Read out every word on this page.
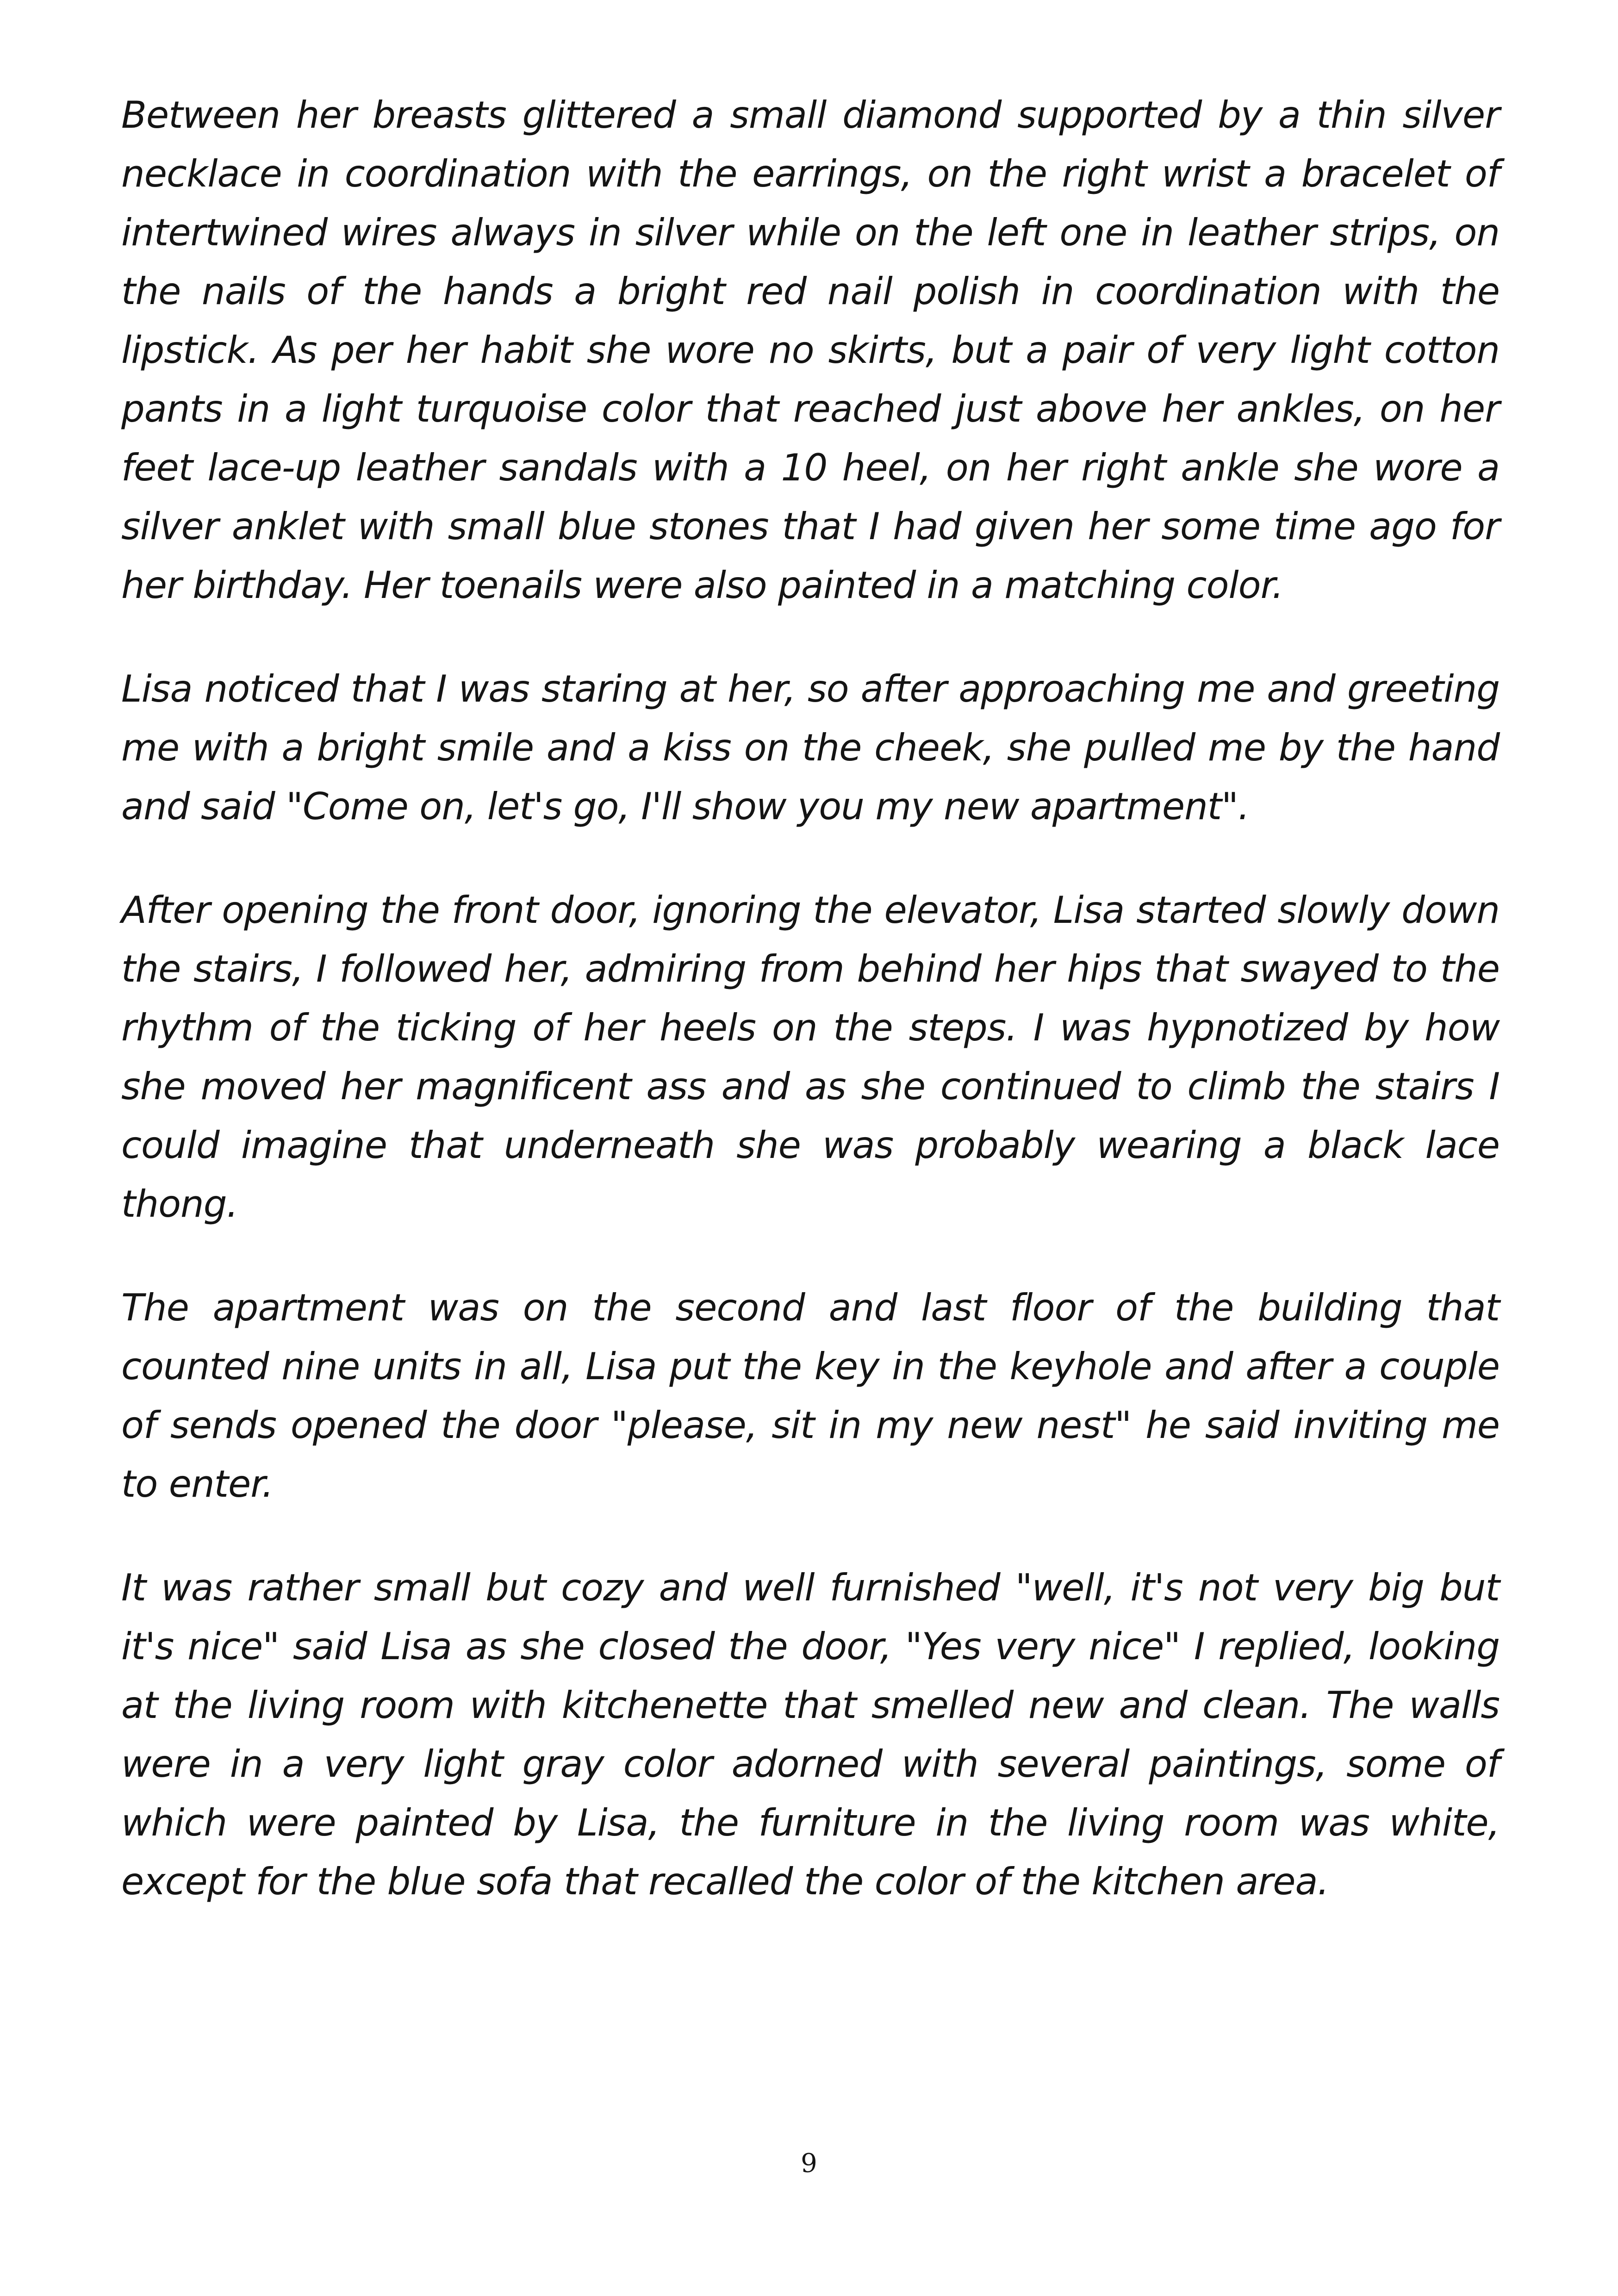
Between her breasts glittered a small diamond supported by a thin silver necklace in coordination with the earrings, on the right wrist a bracelet of intertwined wires always in silver while on the left one in leather strips, on the nails of the hands a bright red nail polish in coordination with the lipstick. As per her habit she wore no skirts, but a pair of very light cotton pants in a light turquoise color that reached just above her ankles, on her feet lace-up leather sandals with a 10 heel, on her right ankle she wore a silver anklet with small blue stones that I had given her some time ago for her birthday. Her toenails were also painted in a matching color.

Lisa noticed that I was staring at her, so after approaching me and greeting me with a bright smile and a kiss on the cheek, she pulled me by the hand and said "Come on, let's go, I'll show you my new apartment".

After opening the front door, ignoring the elevator, Lisa started slowly down the stairs, I followed her, admiring from behind her hips that swayed to the rhythm of the ticking of her heels on the steps. I was hypnotized by how she moved her magnificent ass and as she continued to climb the stairs I could imagine that underneath she was probably wearing a black lace thong.

The apartment was on the second and last floor of the building that counted nine units in all, Lisa put the key in the keyhole and after a couple of sends opened the door "please, sit in my new nest" he said inviting me to enter.

It was rather small but cozy and well furnished "well, it's not very big but it's nice" said Lisa as she closed the door, "Yes very nice" I replied, looking at the living room with kitchenette that smelled new and clean. The walls were in a very light gray color adorned with several paintings, some of which were painted by Lisa, the furniture in the living room was white, except for the blue sofa that recalled the color of the kitchen area.

9
